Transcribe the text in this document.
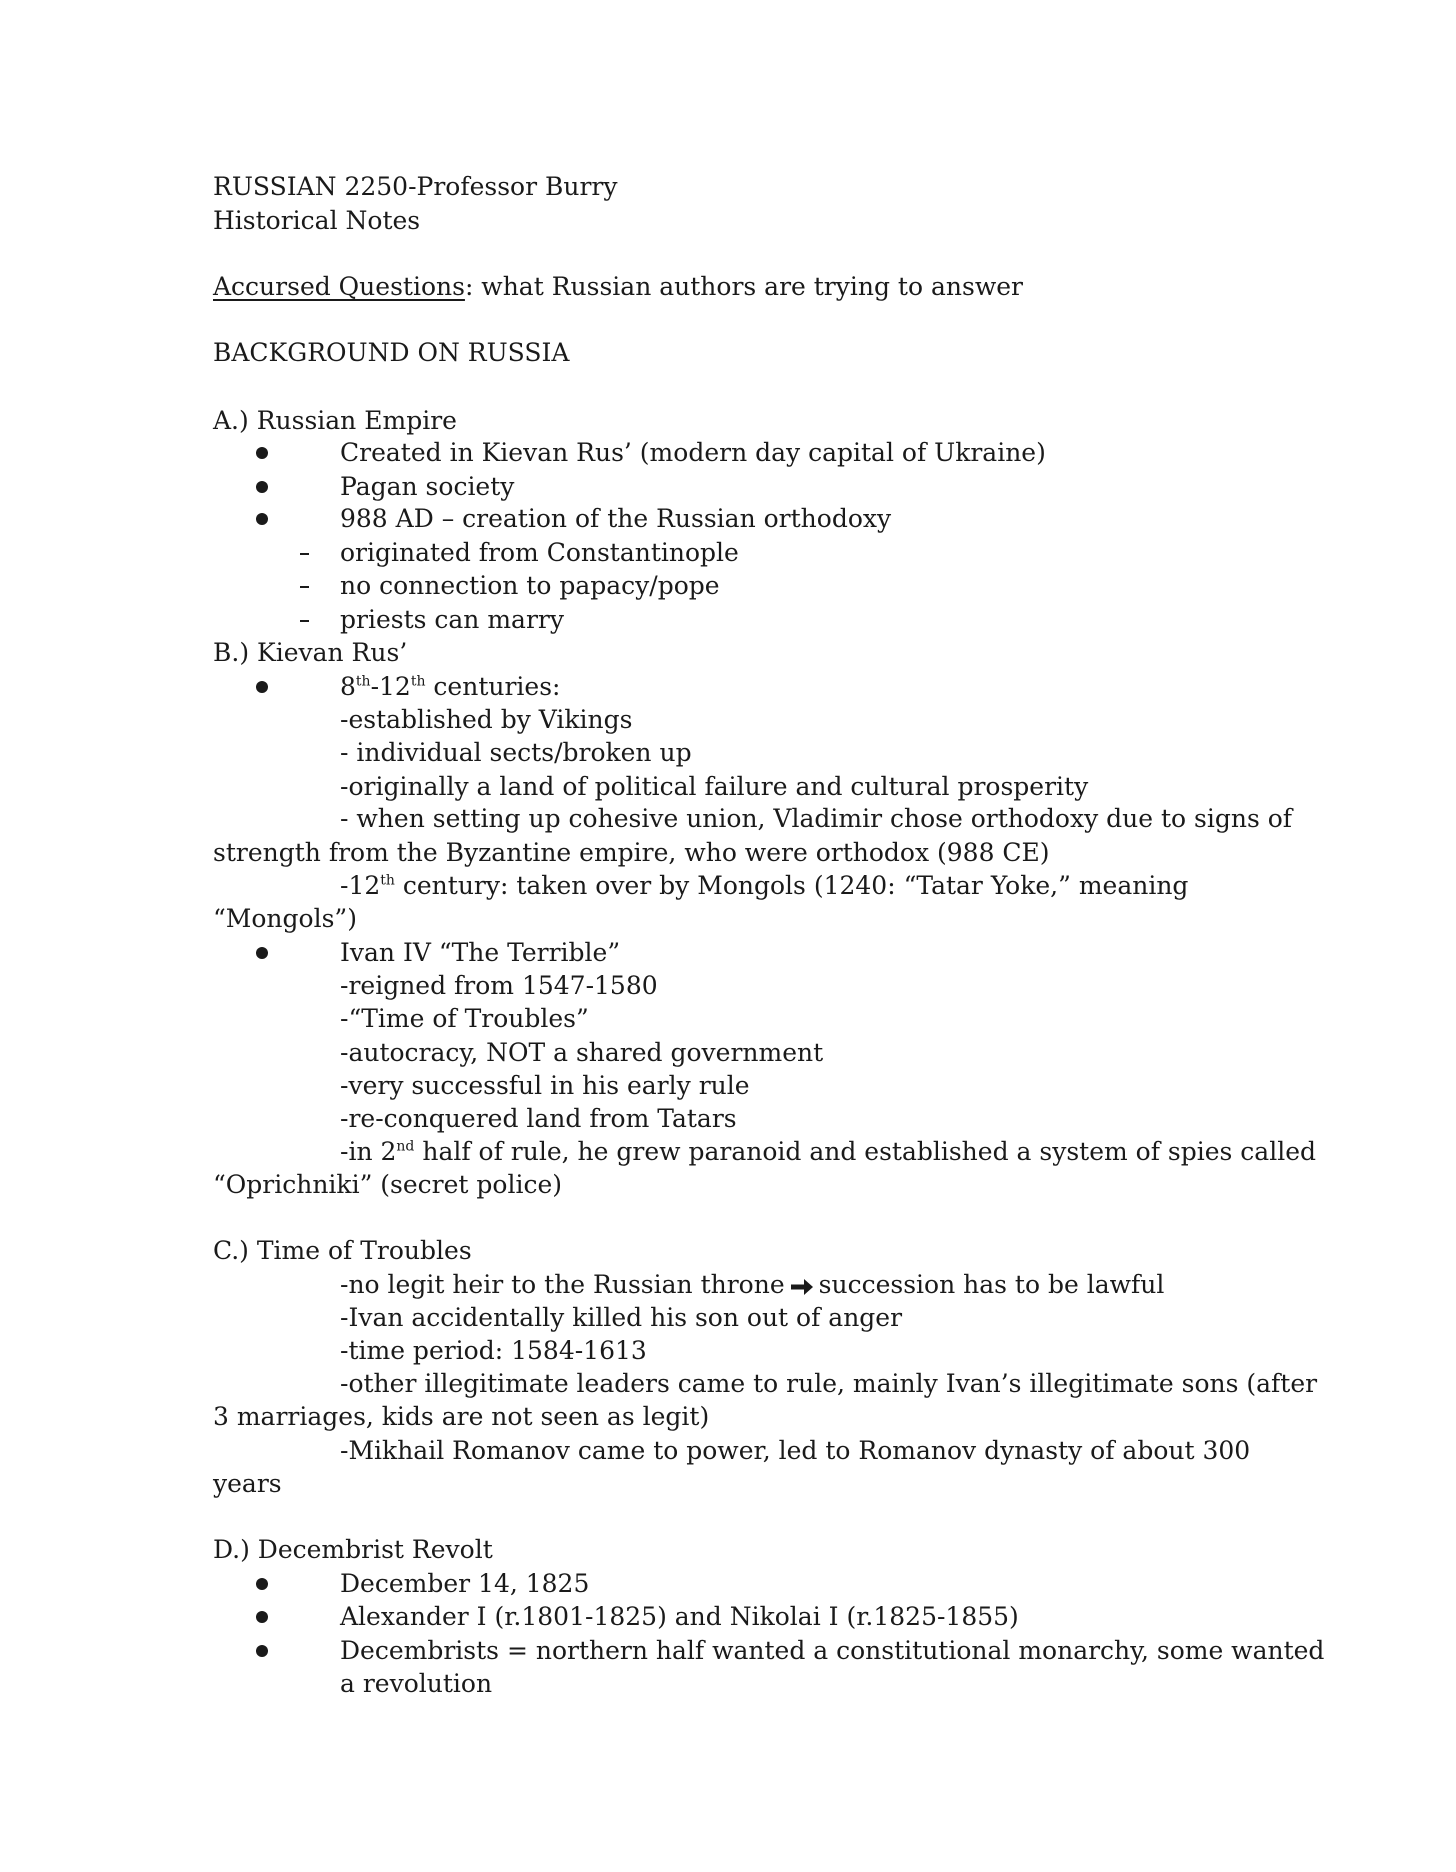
RUSSIAN 2250-Professor Burry
Historical Notes
Accursed Questions: what Russian authors are trying to answer
BACKGROUND ON RUSSIA
A.) Russian Empire
Created in Kievan Rus’ (modern day capital of Ukraine)
Pagan society
988 AD – creation of the Russian orthodoxy
originated from Constantinople
no connection to papacy/pope
priests can marry
B.) Kievan Rus’
8th-12th centuries:
-established by Vikings
- individual sects/broken up
-originally a land of political failure and cultural prosperity
- when setting up cohesive union, Vladimir chose orthodoxy due to signs of
strength from the Byzantine empire, who were orthodox (988 CE)
-12th century: taken over by Mongols (1240: “Tatar Yoke,” meaning
“Mongols”)
Ivan IV “The Terrible”
-reigned from 1547-1580
-“Time of Troubles”
-autocracy, NOT a shared government
-very successful in his early rule
-re-conquered land from Tatars
-in 2nd half of rule, he grew paranoid and established a system of spies called
“Oprichniki” (secret police)
C.) Time of Troubles
-no legit heir to the Russian throne succession has to be lawful
-Ivan accidentally killed his son out of anger
-time period: 1584-1613
-other illegitimate leaders came to rule, mainly Ivan’s illegitimate sons (after
3 marriages, kids are not seen as legit)
-Mikhail Romanov came to power, led to Romanov dynasty of about 300
years
D.) Decembrist Revolt
December 14, 1825
Alexander I (r.1801-1825) and Nikolai I (r.1825-1855)
Decembrists = northern half wanted a constitutional monarchy, some wanted
a revolution
